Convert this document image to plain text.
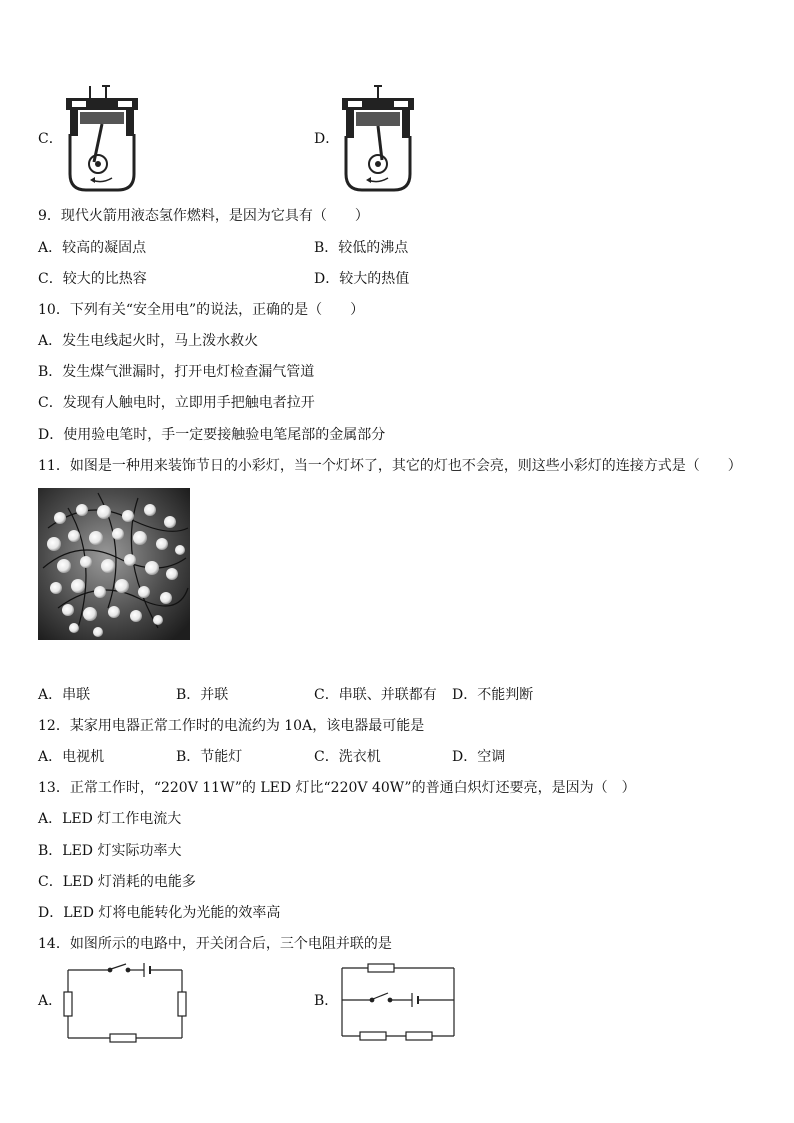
C．	D．
9．现代火箭用液态氢作燃料，是因为它具有（　　）
A．较高的凝固点	B．较低的沸点
C．较大的比热容	D．较大的热值
10．下列有关“安全用电”的说法，正确的是（　　）
A．发生电线起火时，马上泼水救火
B．发生煤气泄漏时，打开电灯检查漏气管道
C．发现有人触电时，立即用手把触电者拉开
D．使用验电笔时，手一定要接触验电笔尾部的金属部分
11．如图是一种用来装饰节日的小彩灯，当一个灯坏了，其它的灯也不会亮，则这些小彩灯的连接方式是（　　）
A．串联	B．并联	C．串联、并联都有 D．不能判断
12．某家用电器正常工作时的电流约为 10A，该电器最可能是
A．电视机	B．节能灯	C．洗衣机	D．空调
13．正常工作时，“220V 11W”的 LED 灯比“220V 40W”的普通白炽灯还要亮，是因为（　）
A．LED 灯工作电流大
B．LED 灯实际功率大
C．LED 灯消耗的电能多
D．LED 灯将电能转化为光能的效率高
14．如图所示的电路中，开关闭合后，三个电阻并联的是
A．	B．
